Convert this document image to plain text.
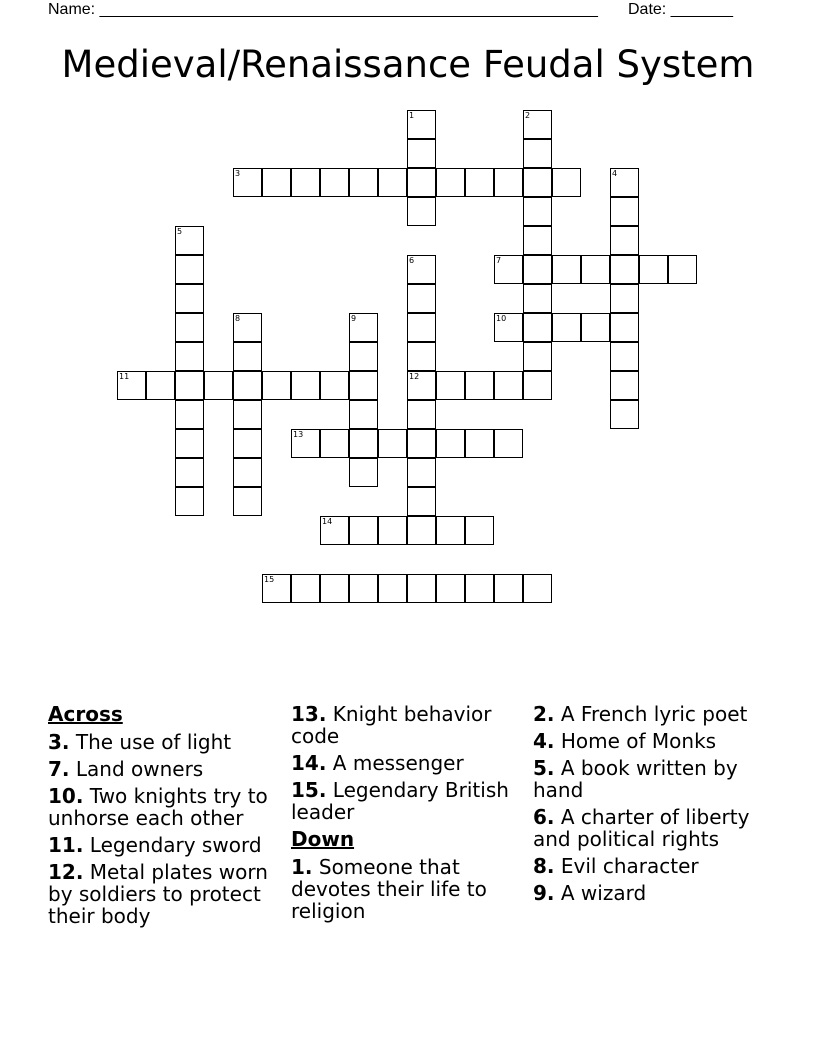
Name: ________________________________________________________ Date: _______
Medieval/Renaissance Feudal System
1	2
3	4
5
6	7
8	9	10
11	12
13
14
15
Across
3. The use of light
7. Land owners
10. Two knights try to unhorse each other
11. Legendary sword
12. Metal plates worn by soldiers to protect their body
13. Knight behavior code
14. A messenger
15. Legendary British leader
Down
1. Someone that devotes their life to religion
2. A French lyric poet
4. Home of Monks
5. A book written by hand
6. A charter of liberty and political rights
8. Evil character
9. A wizard
